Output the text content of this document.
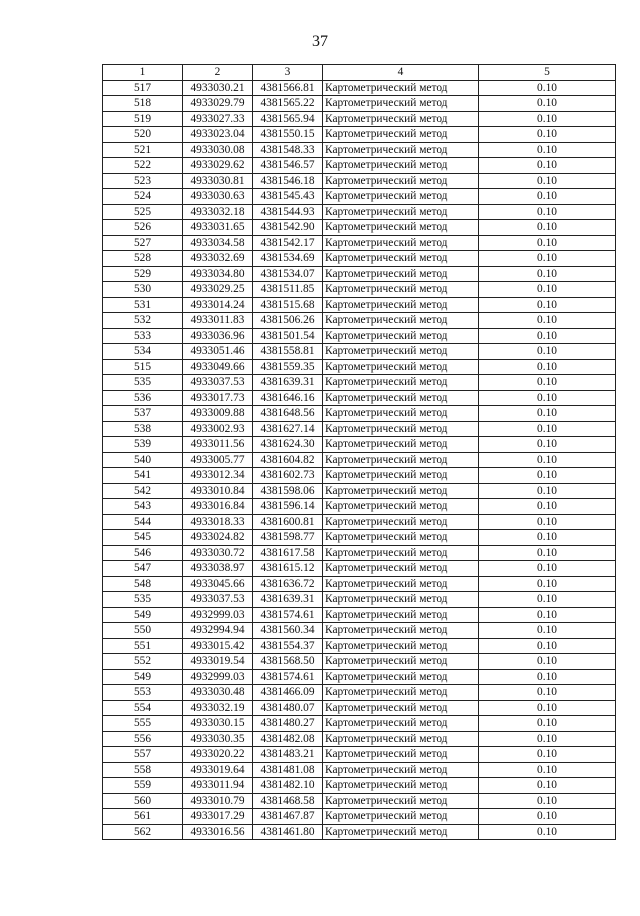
37
1	2	3	4	5
517	4933030.21	4381566.81	Картометрический метод	0.10
518	4933029.79	4381565.22	Картометрический метод	0.10
519	4933027.33	4381565.94	Картометрический метод	0.10
520	4933023.04	4381550.15	Картометрический метод	0.10
521	4933030.08	4381548.33	Картометрический метод	0.10
522	4933029.62	4381546.57	Картометрический метод	0.10
523	4933030.81	4381546.18	Картометрический метод	0.10
524	4933030.63	4381545.43	Картометрический метод	0.10
525	4933032.18	4381544.93	Картометрический метод	0.10
526	4933031.65	4381542.90	Картометрический метод	0.10
527	4933034.58	4381542.17	Картометрический метод	0.10
528	4933032.69	4381534.69	Картометрический метод	0.10
529	4933034.80	4381534.07	Картометрический метод	0.10
530	4933029.25	4381511.85	Картометрический метод	0.10
531	4933014.24	4381515.68	Картометрический метод	0.10
532	4933011.83	4381506.26	Картометрический метод	0.10
533	4933036.96	4381501.54	Картометрический метод	0.10
534	4933051.46	4381558.81	Картометрический метод	0.10
515	4933049.66	4381559.35	Картометрический метод	0.10
535	4933037.53	4381639.31	Картометрический метод	0.10
536	4933017.73	4381646.16	Картометрический метод	0.10
537	4933009.88	4381648.56	Картометрический метод	0.10
538	4933002.93	4381627.14	Картометрический метод	0.10
539	4933011.56	4381624.30	Картометрический метод	0.10
540	4933005.77	4381604.82	Картометрический метод	0.10
541	4933012.34	4381602.73	Картометрический метод	0.10
542	4933010.84	4381598.06	Картометрический метод	0.10
543	4933016.84	4381596.14	Картометрический метод	0.10
544	4933018.33	4381600.81	Картометрический метод	0.10
545	4933024.82	4381598.77	Картометрический метод	0.10
546	4933030.72	4381617.58	Картометрический метод	0.10
547	4933038.97	4381615.12	Картометрический метод	0.10
548	4933045.66	4381636.72	Картометрический метод	0.10
535	4933037.53	4381639.31	Картометрический метод	0.10
549	4932999.03	4381574.61	Картометрический метод	0.10
550	4932994.94	4381560.34	Картометрический метод	0.10
551	4933015.42	4381554.37	Картометрический метод	0.10
552	4933019.54	4381568.50	Картометрический метод	0.10
549	4932999.03	4381574.61	Картометрический метод	0.10
553	4933030.48	4381466.09	Картометрический метод	0.10
554	4933032.19	4381480.07	Картометрический метод	0.10
555	4933030.15	4381480.27	Картометрический метод	0.10
556	4933030.35	4381482.08	Картометрический метод	0.10
557	4933020.22	4381483.21	Картометрический метод	0.10
558	4933019.64	4381481.08	Картометрический метод	0.10
559	4933011.94	4381482.10	Картометрический метод	0.10
560	4933010.79	4381468.58	Картометрический метод	0.10
561	4933017.29	4381467.87	Картометрический метод	0.10
562	4933016.56	4381461.80	Картометрический метод	0.10
